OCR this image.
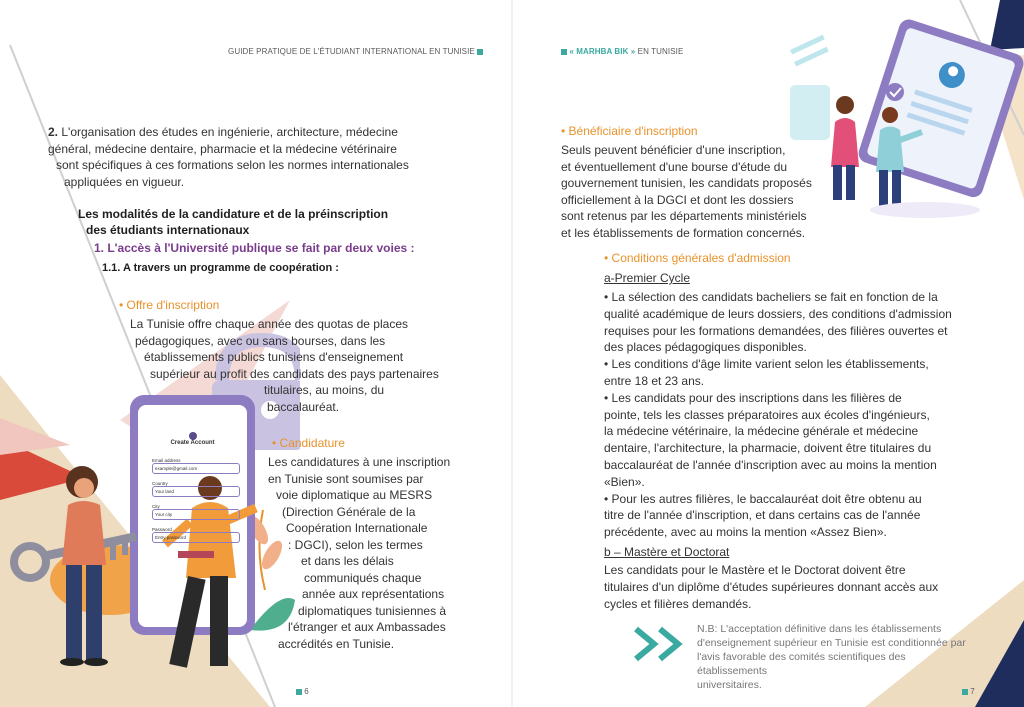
GUIDE PRATIQUE DE L'ÉTUDIANT INTERNATIONAL EN TUNISIE
2. L'organisation des études en ingénierie, architecture, médecine
général, médecine dentaire, pharmacie et la médecine vétérinaire
sont spécifiques à ces formations selon les normes internationales
appliquées en vigueur.
Les modalités de la candidature et de la préinscription
des étudiants internationaux
1. L'accès à l'Université publique se fait par deux voies :
1.1. A travers un programme de coopération :
Create Account
Email address
example@gmail.com
Country
Your land
City
Your city
Password
Entry password
• Offre d'inscription
La Tunisie offre chaque année des quotas de places
pédagogiques, avec ou sans bourses, dans les
établissements publics tunisiens d'enseignement
supérieur au profit des candidats des pays partenaires
titulaires, au moins, du
baccalauréat.
• Candidature
Les candidatures à une inscription
en Tunisie sont soumises par
voie diplomatique au MESRS
(Direction Générale de la
Coopération Internationale
: DGCI), selon les termes
et dans les délais
communiqués chaque
année aux représentations
diplomatiques tunisiennes à
l'étranger et aux Ambassades
accrédités en Tunisie.
6
« MARHBA BIK » EN TUNISIE
• Bénéficiaire d'inscription
Seuls peuvent bénéficier d'une inscription,
et éventuellement d'une bourse d'étude du
gouvernement tunisien, les candidats proposés
officiellement à la DGCI et dont les dossiers
sont retenus par les départements ministériels
et les établissements de formation concernés.
• Conditions générales d'admission
a-Premier Cycle
• La sélection des candidats bacheliers se fait en fonction de la
qualité académique de leurs dossiers, des conditions d'admission
requises pour les formations demandées, des filières ouvertes et
des places pédagogiques disponibles.
• Les conditions d'âge limite varient selon les établissements,
entre 18 et 23 ans.
• Les candidats pour des inscriptions dans les filières de
pointe, tels les classes préparatoires aux écoles d'ingénieurs,
la médecine vétérinaire, la médecine générale et médecine
dentaire, l'architecture, la pharmacie, doivent être titulaires du
baccalauréat de l'année d'inscription avec au moins la mention
«Bien».
• Pour les autres filières, le baccalauréat doit être obtenu au
titre de l'année d'inscription, et dans certains cas de l'année
précédente, avec au moins la mention «Assez Bien».
b – Mastère et Doctorat
Les candidats pour le Mastère et le Doctorat doivent être
titulaires d'un diplôme d'études supérieures donnant accès aux
cycles et filières demandés.
N.B: L'acceptation définitive dans les établissements
d'enseignement supérieur en Tunisie est conditionnée par
l'avis favorable des comités scientifiques des établissements
universitaires.
7
